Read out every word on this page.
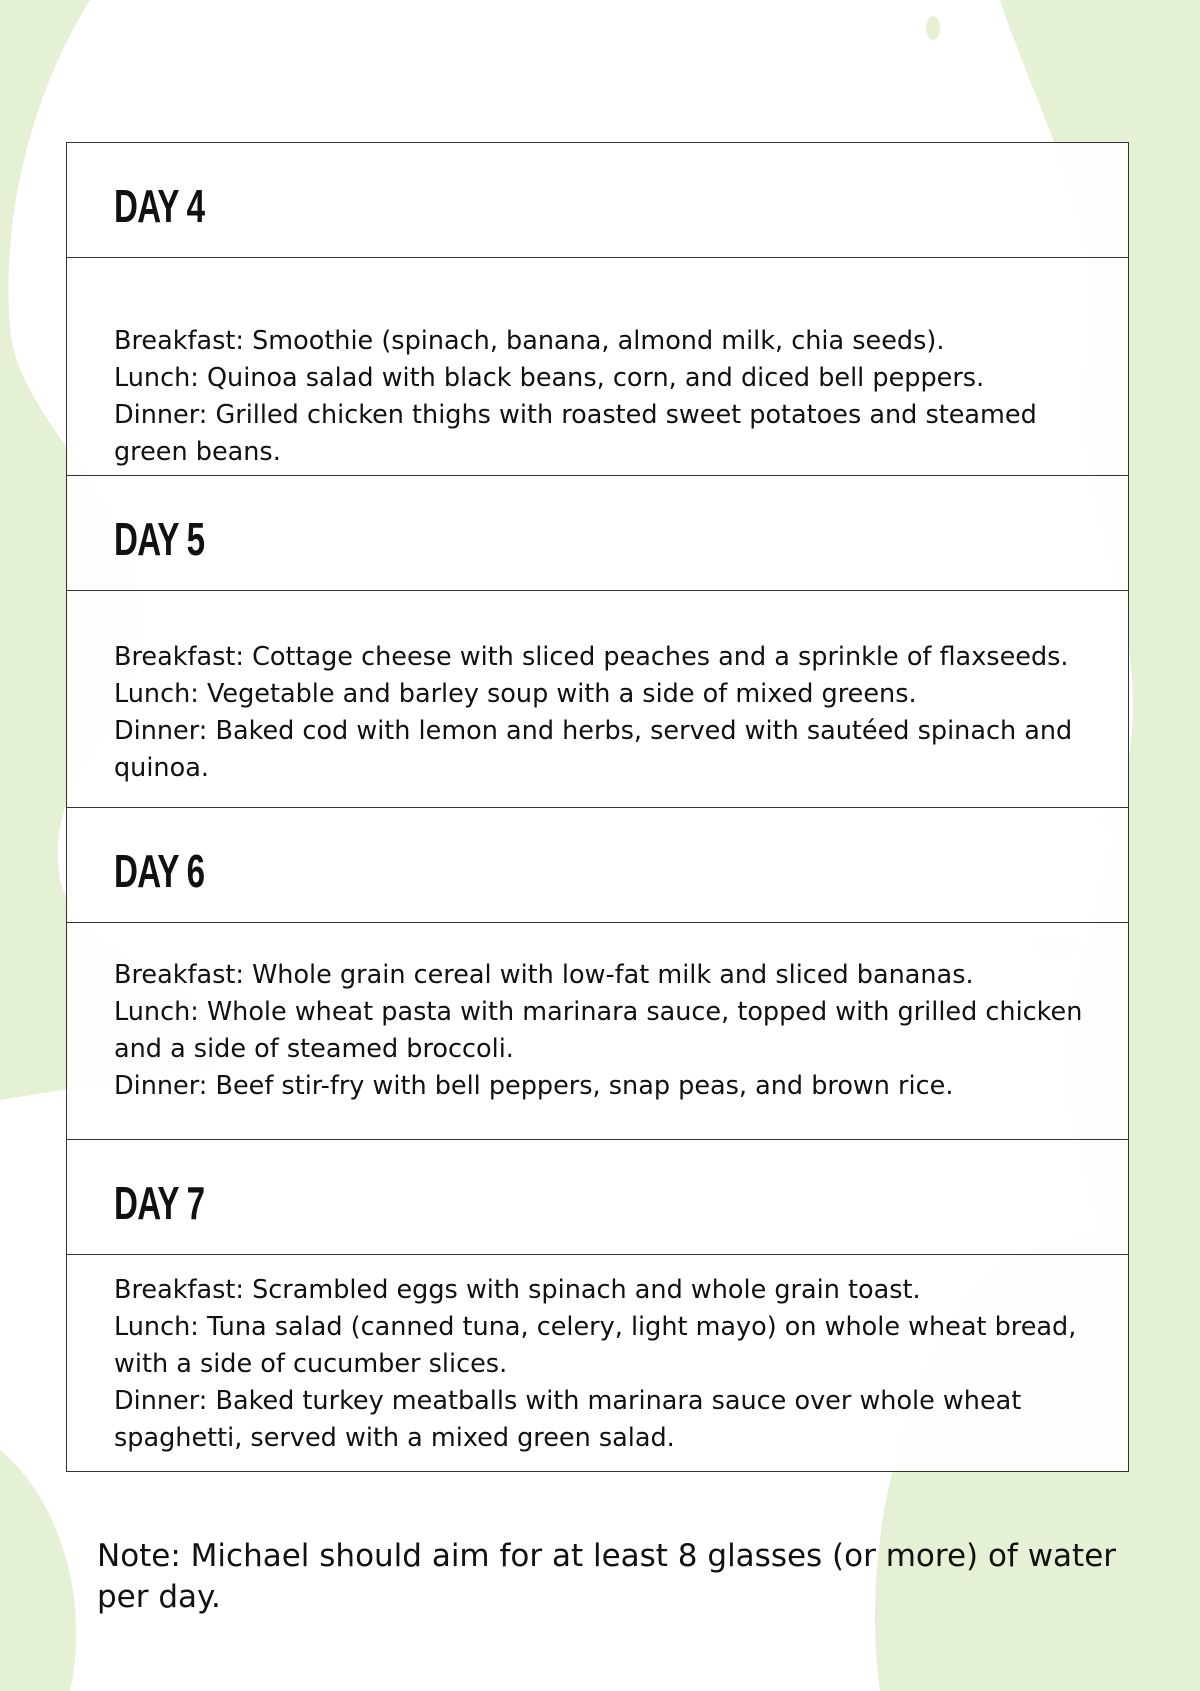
DAY 4

Breakfast: Smoothie (spinach, banana, almond milk, chia seeds).

Lunch: Quinoa salad with black beans, corn, and diced bell peppers.

Dinner: Grilled chicken thighs with roasted sweet potatoes and steamed green beans.

DAY 5

Breakfast: Cottage cheese with sliced peaches and a sprinkle of flaxseeds.

Lunch: Vegetable and barley soup with a side of mixed greens.

Dinner: Baked cod with lemon and herbs, served with sautéed spinach and quinoa.

DAY 6

Breakfast: Whole grain cereal with low-fat milk and sliced bananas.

Lunch: Whole wheat pasta with marinara sauce, topped with grilled chicken and a side of steamed broccoli.

Dinner: Beef stir-fry with bell peppers, snap peas, and brown rice.

DAY 7

Breakfast: Scrambled eggs with spinach and whole grain toast.

Lunch: Tuna salad (canned tuna, celery, light mayo) on whole wheat bread, with a side of cucumber slices.

Dinner: Baked turkey meatballs with marinara sauce over whole wheat spaghetti, served with a mixed green salad.

Note: Michael should aim for at least 8 glasses (or more) of water per day.
